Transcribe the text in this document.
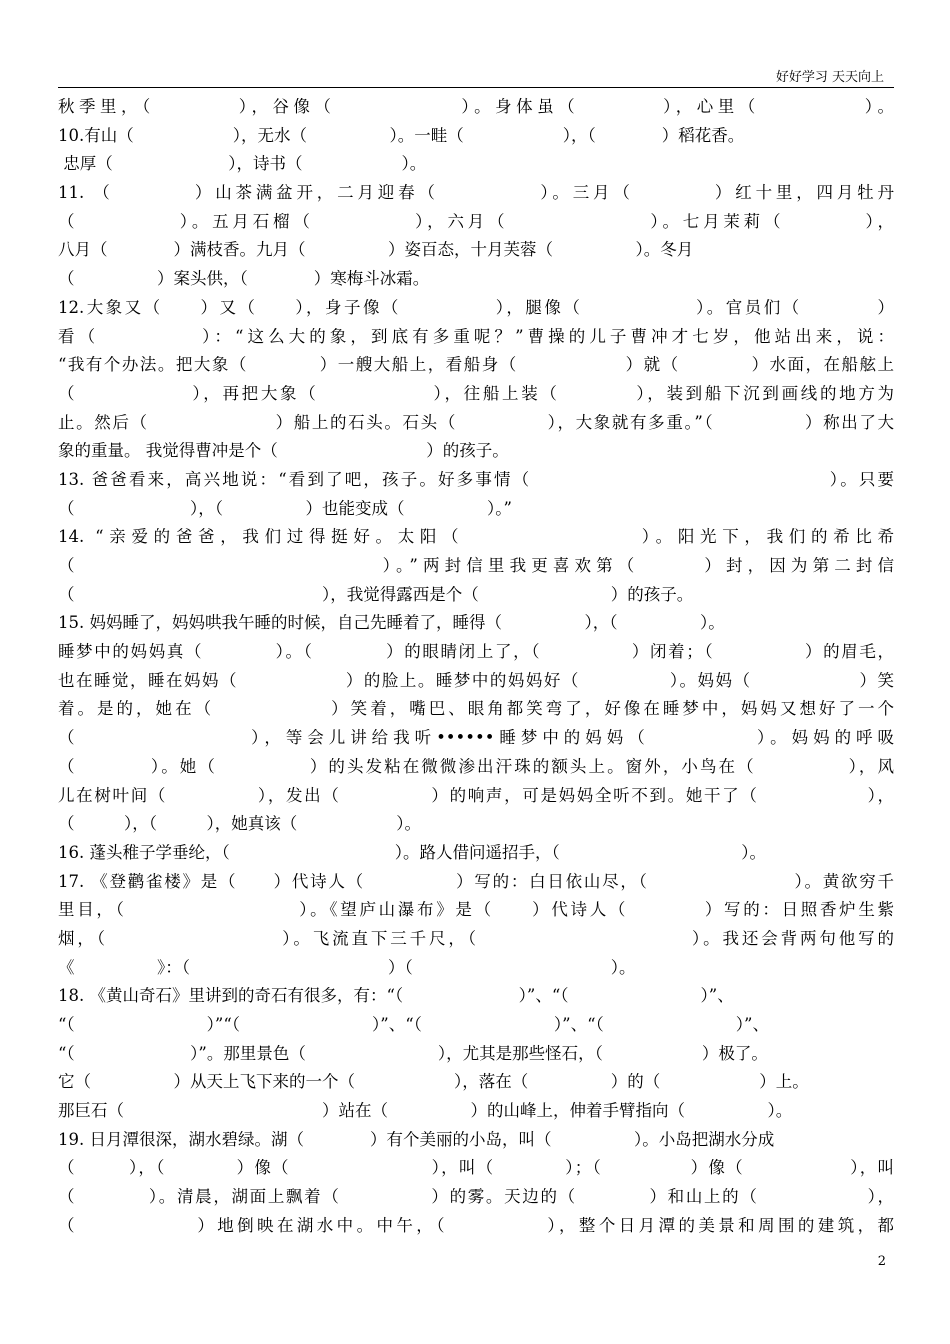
好好学习 天天向上
秋季里，（　　　　），谷像（　　　　　　）。身体虽（　　　　），心里（　　　　　）。
10.有山（　　　　　　），无水（　　　　　）。一畦（　　　　　　），（　　　　）稻花香。
忠厚（　　　　　　　），诗书（　　　　　　）。
11. （　　　　）山茶满盆开，二月迎春（　　　　　）。三月（　　　　）红十里，四月牡丹
（　　　　　）。五月石榴（　　　　　），六月（　　　　　　　）。七月茉莉（　　　　），
八月（　　　　）满枝香。九月（　　　　　）姿百态，十月芙蓉（　　　　　）。冬月
（　　　　　）案头供，（　　　　）寒梅斗冰霜。
12.大象又（　　）又（　　），身子像（　　　　　），腿像（　　　　　　）。官员们（　　　　）
看（　　　　　）：“这么大的象，到底有多重呢？”曹操的儿子曹冲才七岁，他站出来，说：
“我有个办法。把大象（　　　　）一艘大船上，看船身（　　　　　　）就（　　　　）水面，在船舷上
（　　　　　　），再把大象（　　　　　　），往船上装（　　　　），装到船下沉到画线的地方为
止。然后（　　　　　　　）船上的石头。石头（　　　　　），大象就有多重。”（　　　　　）称出了大
象的重量。 我觉得曹冲是个（　　　　　　　　　）的孩子。
13. 爸爸看来，高兴地说：“看到了吧，孩子。好多事情（　　　　　　　　　　　　　　　　）。只要
（　　　　　　　），（　　　　　）也能变成（　　　　　）。”
14. “亲爱的爸爸，我们过得挺好。太阳（　　　　　　　　）。阳光下，我们的希比希
（　　　　　　　　　　　　　　）。”两封信里我更喜欢第（　　　）封，因为第二封信
（　　　　　　　　　　　　　　　），我觉得露西是个（　　　　　　　　）的孩子。
15. 妈妈睡了，妈妈哄我午睡的时候，自己先睡着了，睡得（　　　　　），（　　　　　）。
睡梦中的妈妈真（　　　　）。（　　　　）的眼睛闭上了，（　　　　　）闭着；（　　　　　）的眉毛，
也在睡觉，睡在妈妈（　　　　　　）的脸上。睡梦中的妈妈好（　　　　　）。妈妈（　　　　　　）笑
着。是的，她在（　　　　　　）笑着，嘴巴、眼角都笑弯了，好像在睡梦中，妈妈又想好了一个
（　　　　　　　　），等会儿讲给我听••••••睡梦中的妈妈（　　　　　）。妈妈的呼吸
（　　　　）。她（　　　　　）的头发粘在微微渗出汗珠的额头上。窗外，小鸟在（　　　　　），风
儿在树叶间（　　　　　），发出（　　　　　）的响声，可是妈妈全听不到。她干了（　　　　　　），
（　　　），（　　　），她真该（　　　　　　）。
16. 蓬头稚子学垂纶，（　　　　　　　　　　）。路人借问遥招手，（　　　　　　　　　　　）。
17. 《登鹳雀楼》是（　　）代诗人（　　　　　）写的：白日依山尽，（　　　　　　　　）。黄欲穷千
里目，（　　　　　　　　　）。《望庐山瀑布》是（　　）代诗人（　　　　）写的：日照香炉生紫
烟，（　　　　　　　　　）。飞流直下三千尺，（　　　　　　　　　　　）。我还会背两句他写的
《　　　　　》：（　　　　　　　　　　　　）（　　　　　　　　　　　　）。
18. 《黄山奇石》里讲到的奇石有很多，有：“（　　　　　　　）”、“（　　　　　　　　）”、
“（　　　　　　　　）”“（　　　　　　　　）”、“（　　　　　　　　）”、“（　　　　　　　　）”、
“（　　　　　　　）”。那里景色（　　　　　　　　），尤其是那些怪石，（　　　　　　）极了。
它（　　　　　）从天上飞下来的一个（　　　　　　），落在（　　　　　）的（　　　　　　）上。
那巨石（　　　　　　　　　　　　）站在（　　　　　）的山峰上，伸着手臂指向（　　　　　）。
19. 日月潭很深，湖水碧绿。湖（　　　　）有个美丽的小岛，叫（　　　　　）。小岛把湖水分成
（　　　），（　　　　）像（　　　　　　　　），叫（　　　　）；（　　　　　）像（　　　　　　），叫
（　　　　）。清晨，湖面上飘着（　　　　　）的雾。天边的（　　　　）和山上的（　　　　　　），
（　　　　　　）地倒映在湖水中。中午，（　　　　　），整个日月潭的美景和周围的建筑，都
2
